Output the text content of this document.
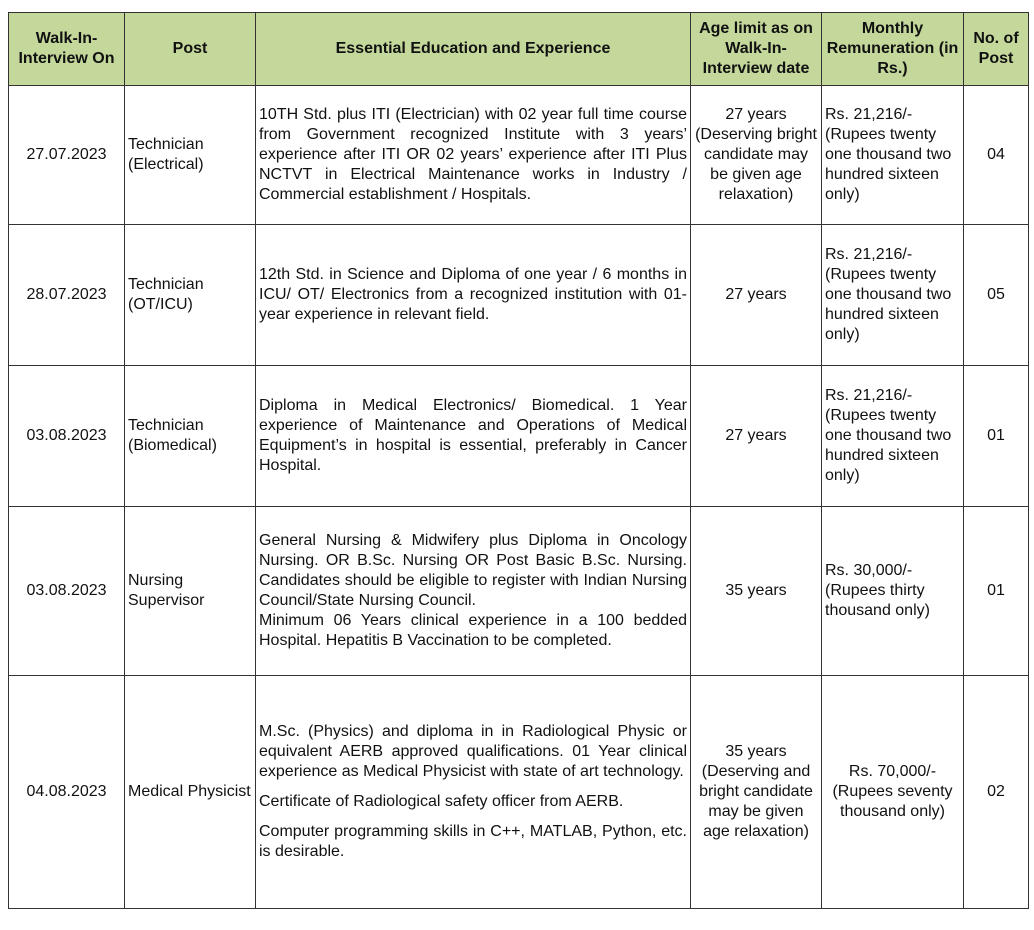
Walk-In-Interview On	Post	Essential Education and Experience	Age limit as on Walk-In-Interview date	Monthly Remuneration (in Rs.)	No. of Post
27.07.2023	Technician (Electrical)	10TH Std. plus ITI (Electrician) with 02 year full time course from Government recognized Institute with 3 years’ experience after ITI OR 02 years’ experience after ITI Plus NCTVT in Electrical Maintenance works in Industry / Commercial establishment / Hospitals.	27 years (Deserving bright candidate may be given age relaxation)	Rs. 21,216/- (Rupees twenty one thousand two hundred sixteen only)	04
28.07.2023	Technician (OT/ICU)	12th Std. in Science and Diploma of one year / 6 months in ICU/ OT/ Electronics from a recognized institution with 01-year experience in relevant field.	27 years	Rs. 21,216/- (Rupees twenty one thousand two hundred sixteen only)	05
03.08.2023	Technician (Biomedical)	Diploma in Medical Electronics/ Biomedical. 1 Year experience of Maintenance and Operations of Medical Equipment’s in hospital is essential, preferably in Cancer Hospital.	27 years	Rs. 21,216/- (Rupees twenty one thousand two hundred sixteen only)	01
03.08.2023	Nursing Supervisor	General Nursing & Midwifery plus Diploma in Oncology Nursing. OR B.Sc. Nursing OR Post Basic B.Sc. Nursing. Candidates should be eligible to register with Indian Nursing Council/State Nursing Council.
Minimum 06 Years clinical experience in a 100 bedded Hospital. Hepatitis B Vaccination to be completed.	35 years	Rs. 30,000/- (Rupees thirty thousand only)	01
04.08.2023	Medical Physicist	M.Sc. (Physics) and diploma in in Radiological Physic or equivalent AERB approved qualifications. 01 Year clinical experience as Medical Physicist with state of art technology.
Certificate of Radiological safety officer from AERB.
Computer programming skills in C++, MATLAB, Python, etc. is desirable.	35 years (Deserving and bright candidate may be given age relaxation)	Rs. 70,000/- (Rupees seventy thousand only)	02
